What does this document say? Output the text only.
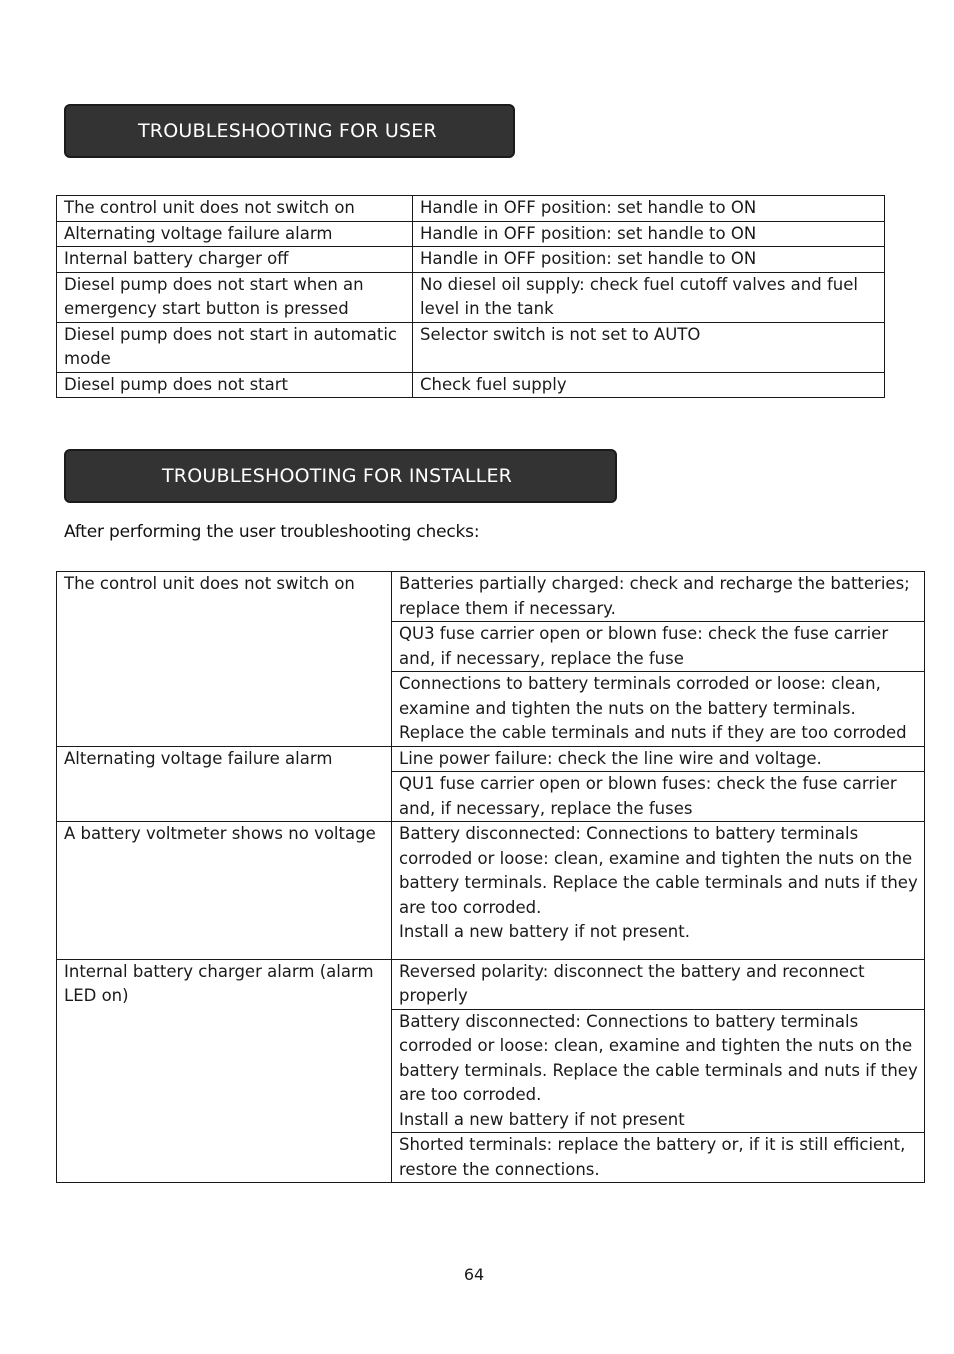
TROUBLESHOOTING FOR USER
The control unit does not switch on	Handle in OFF position: set handle to ON
Alternating voltage failure alarm	Handle in OFF position: set handle to ON
Internal battery charger off	Handle in OFF position: set handle to ON
Diesel pump does not start when an emergency start button is pressed	No diesel oil supply: check fuel cutoff valves and fuel level in the tank
Diesel pump does not start in automatic mode	Selector switch is not set to AUTO
Diesel pump does not start	Check fuel supply
TROUBLESHOOTING FOR INSTALLER
After performing the user troubleshooting checks:
The control unit does not switch on	Batteries partially charged: check and recharge the batteries; replace them if necessary.
	QU3 fuse carrier open or blown fuse: check the fuse carrier and, if necessary, replace the fuse
	Connections to battery terminals corroded or loose: clean, examine and tighten the nuts on the battery terminals. Replace the cable terminals and nuts if they are too corroded
Alternating voltage failure alarm	Line power failure: check the line wire and voltage.
	QU1 fuse carrier open or blown fuses: check the fuse carrier and, if necessary, replace the fuses
A battery voltmeter shows no voltage	Battery disconnected: Connections to battery terminals corroded or loose: clean, examine and tighten the nuts on the battery terminals. Replace the cable terminals and nuts if they are too corroded.
Install a new battery if not present.

Internal battery charger alarm (alarm LED on)	Reversed polarity: disconnect the battery and reconnect properly

	Battery disconnected: Connections to battery terminals corroded or loose: clean, examine and tighten the nuts on the battery terminals. Replace the cable terminals and nuts if they are too corroded.
Install a new battery if not present

	Shorted terminals: replace the battery or, if it is still efficient, restore the connections.
64
